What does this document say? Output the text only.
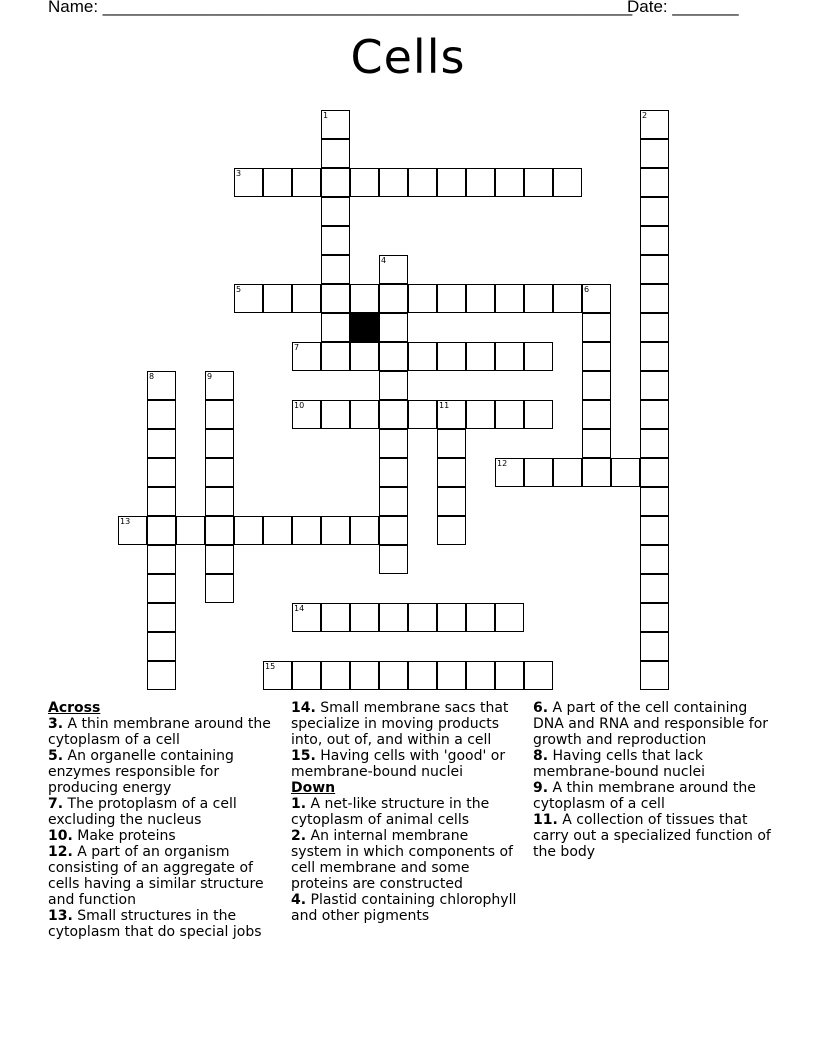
Name: ________________________________________________________
Date: _______
Cells
1	2
3
4
5	6
7
8	9
10	11
12
13
14
15
Across
3. A thin membrane around the cytoplasm of a cell
5. An organelle containing enzymes responsible for producing energy
7. The protoplasm of a cell excluding the nucleus
10. Make proteins
12. A part of an organism consisting of an aggregate of cells having a similar structure and function
13. Small structures in the cytoplasm that do special jobs
14. Small membrane sacs that specialize in moving products into, out of, and within a cell
15. Having cells with 'good' or membrane-bound nuclei
Down
1. A net-like structure in the cytoplasm of animal cells
2. An internal membrane system in which components of cell membrane and some proteins are constructed
4. Plastid containing chlorophyll and other pigments
6. A part of the cell containing DNA and RNA and responsible for growth and reproduction
8. Having cells that lack membrane-bound nuclei
9. A thin membrane around the cytoplasm of a cell
11. A collection of tissues that carry out a specialized function of the body
